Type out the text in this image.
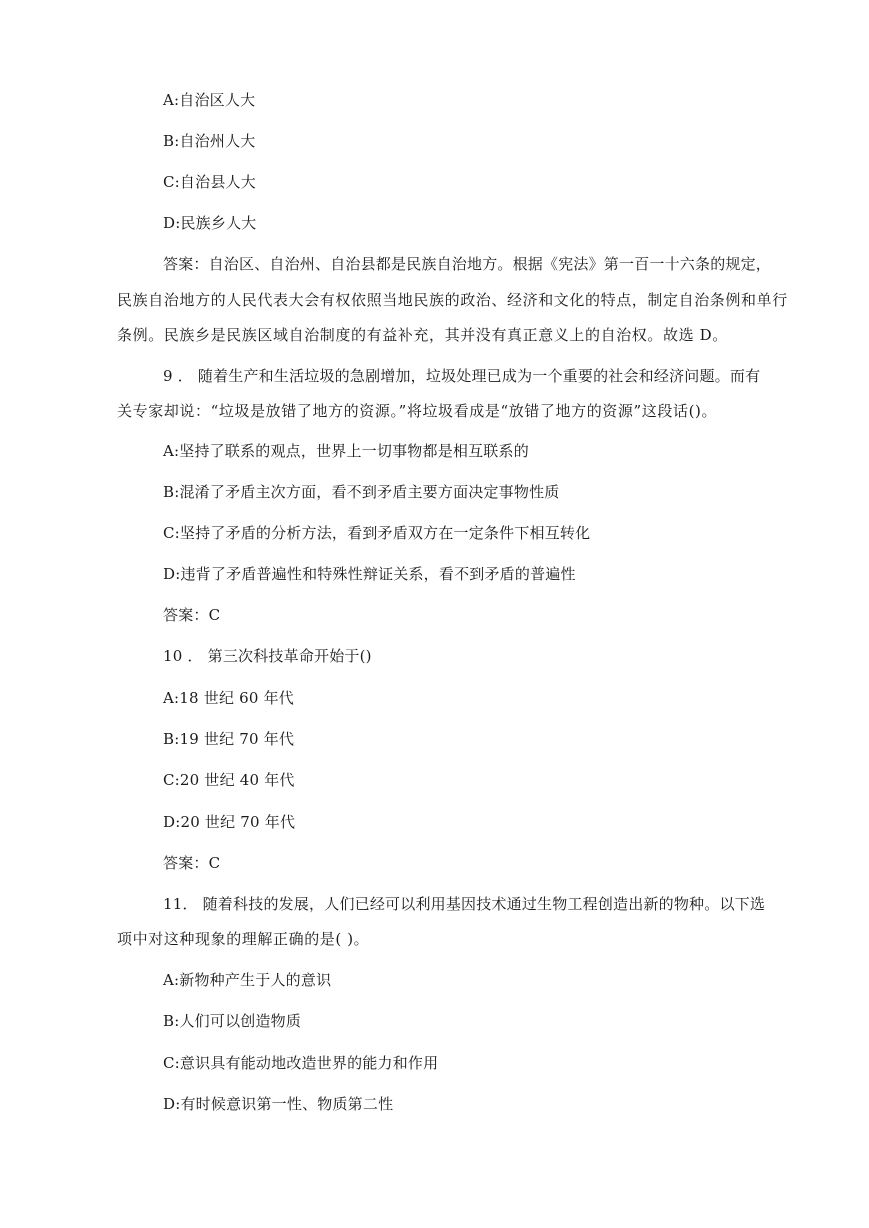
A:自治区人大
B:自治州人大
C:自治县人大
D:民族乡人大
答案：自治区、自治州、自治县都是民族自治地方。根据《宪法》第一百一十六条的规定，
民族自治地方的人民代表大会有权依照当地民族的政治、经济和文化的特点，制定自治条例和单行
条例。民族乡是民族区域自治制度的有益补充，其并没有真正意义上的自治权。故选 D。
9 ． 随着生产和生活垃圾的急剧增加，垃圾处理已成为一个重要的社会和经济问题。而有
关专家却说：“垃圾是放错了地方的资源。”将垃圾看成是“放错了地方的资源”这段话()。
A:坚持了联系的观点，世界上一切事物都是相互联系的
B:混淆了矛盾主次方面，看不到矛盾主要方面决定事物性质
C:坚持了矛盾的分析方法，看到矛盾双方在一定条件下相互转化
D:违背了矛盾普遍性和特殊性辩证关系，看不到矛盾的普遍性
答案：C
10 ． 第三次科技革命开始于()
A:18 世纪 60 年代
B:19 世纪 70 年代
C:20 世纪 40 年代
D:20 世纪 70 年代
答案：C
11． 随着科技的发展，人们已经可以利用基因技术通过生物工程创造出新的物种。以下选
项中对这种现象的理解正确的是( )。
A:新物种产生于人的意识
B:人们可以创造物质
C:意识具有能动地改造世界的能力和作用
D:有时候意识第一性、物质第二性
